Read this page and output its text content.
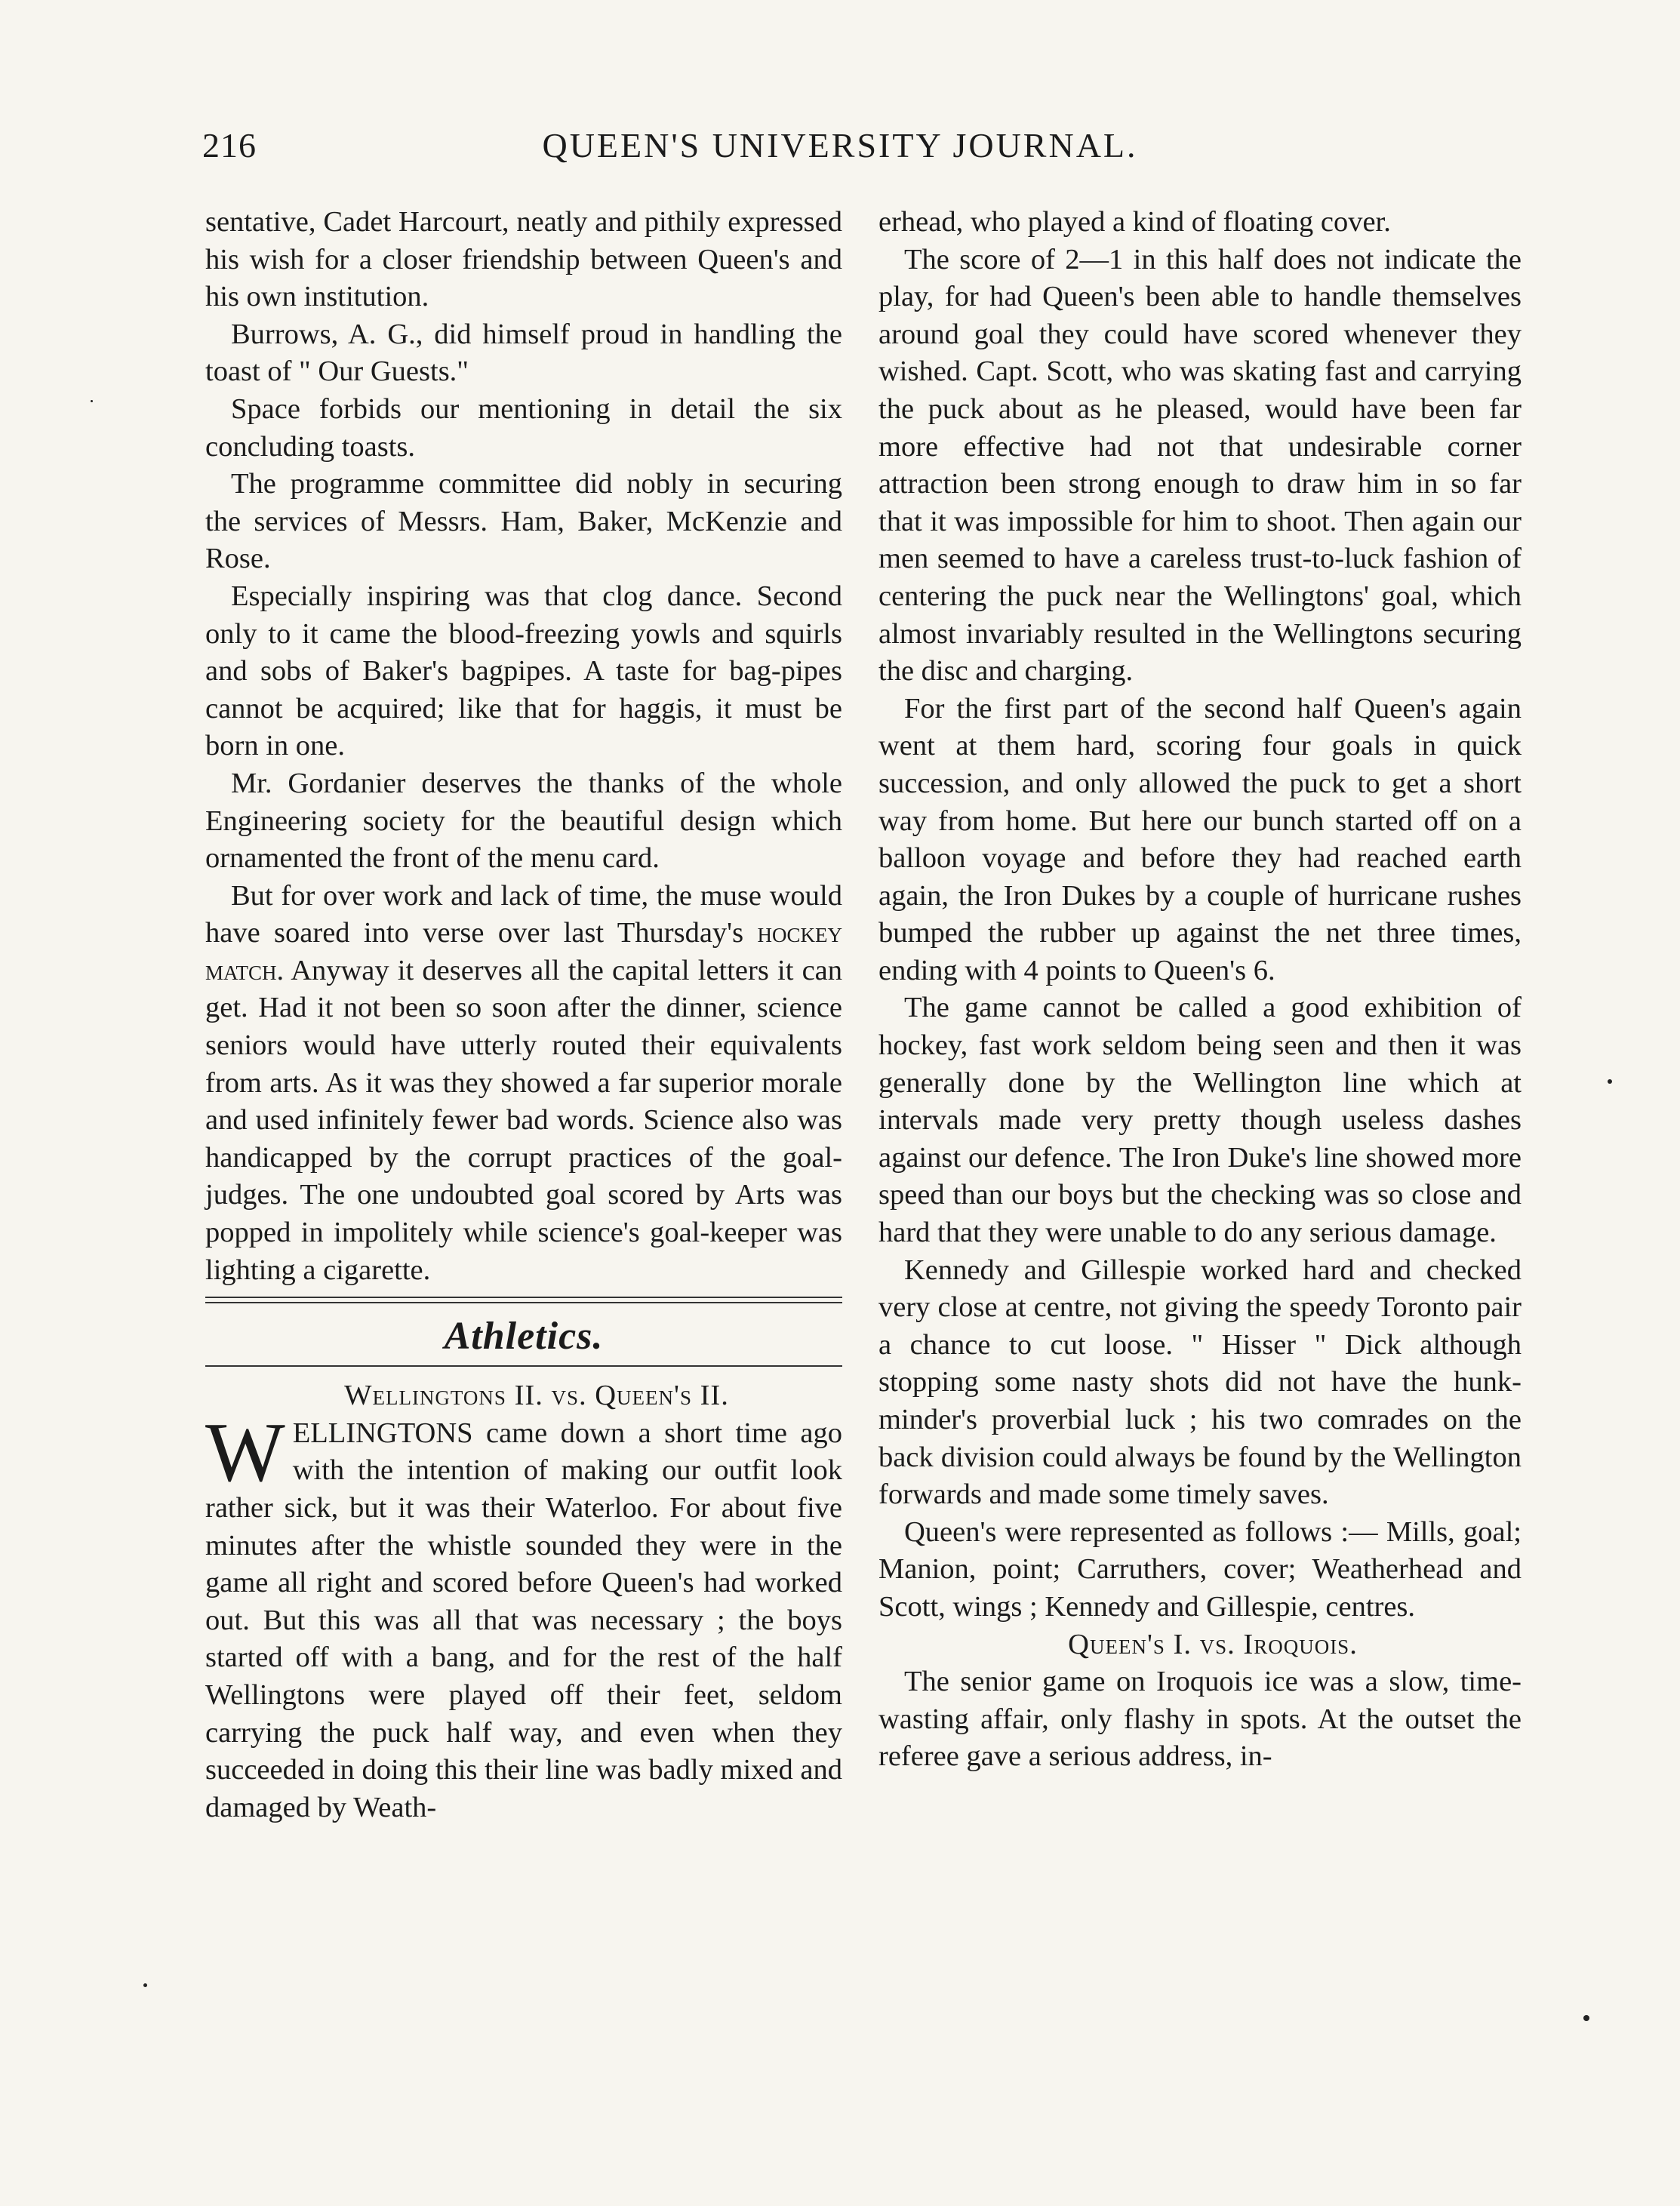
216	QUEEN'S UNIVERSITY JOURNAL.

sentative, Cadet Harcourt, neatly and pithily expressed his wish for a closer friendship between Queen's and his own institution.

Burrows, A. G., did himself proud in handling the toast of " Our Guests."

Space forbids our mentioning in detail the six concluding toasts.

The programme committee did nobly in securing the services of Messrs. Ham, Baker, McKenzie and Rose.

Especially inspiring was that clog dance. Second only to it came the blood-freezing yowls and squirls and sobs of Baker's bagpipes. A taste for bag-pipes cannot be acquired; like that for haggis, it must be born in one.

Mr. Gordanier deserves the thanks of the whole Engineering society for the beautiful design which ornamented the front of the menu card.

But for over work and lack of time, the muse would have soared into verse over last Thursday's hockey match. Anyway it deserves all the capital letters it can get. Had it not been so soon after the dinner, science seniors would have utterly routed their equivalents from arts. As it was they showed a far superior morale and used infinitely fewer bad words. Science also was handicapped by the corrupt practices of the goal-judges. The one undoubted goal scored by Arts was popped in impolitely while science's goal-keeper was lighting a cigarette.

Athletics.

Wellingtons II. vs. Queen's II.

WELLINGTONS came down a short time ago with the intention of making our outfit look rather sick, but it was their Waterloo. For about five minutes after the whistle sounded they were in the game all right and scored before Queen's had worked out. But this was all that was necessary ; the boys started off with a bang, and for the rest of the half Wellingtons were played off their feet, seldom carrying the puck half way, and even when they succeeded in doing this their line was badly mixed and damaged by Weath-

erhead, who played a kind of floating cover.

The score of 2—1 in this half does not indicate the play, for had Queen's been able to handle themselves around goal they could have scored whenever they wished. Capt. Scott, who was skating fast and carrying the puck about as he pleased, would have been far more effective had not that undesirable corner attraction been strong enough to draw him in so far that it was impossible for him to shoot. Then again our men seemed to have a careless trust-to-luck fashion of centering the puck near the Wellingtons' goal, which almost invariably resulted in the Wellingtons securing the disc and charging.

For the first part of the second half Queen's again went at them hard, scoring four goals in quick succession, and only allowed the puck to get a short way from home. But here our bunch started off on a balloon voyage and before they had reached earth again, the Iron Dukes by a couple of hurricane rushes bumped the rubber up against the net three times, ending with 4 points to Queen's 6.

The game cannot be called a good exhibition of hockey, fast work seldom being seen and then it was generally done by the Wellington line which at intervals made very pretty though useless dashes against our defence. The Iron Duke's line showed more speed than our boys but the checking was so close and hard that they were unable to do any serious damage.

Kennedy and Gillespie worked hard and checked very close at centre, not giving the speedy Toronto pair a chance to cut loose. " Hisser " Dick although stopping some nasty shots did not have the hunk-minder's proverbial luck ; his two comrades on the back division could always be found by the Wellington forwards and made some timely saves.

Queen's were represented as follows :— Mills, goal; Manion, point; Carruthers, cover; Weatherhead and Scott, wings ; Kennedy and Gillespie, centres.

Queen's I. vs. Iroquois.

The senior game on Iroquois ice was a slow, time-wasting affair, only flashy in spots. At the outset the referee gave a serious address, in-
